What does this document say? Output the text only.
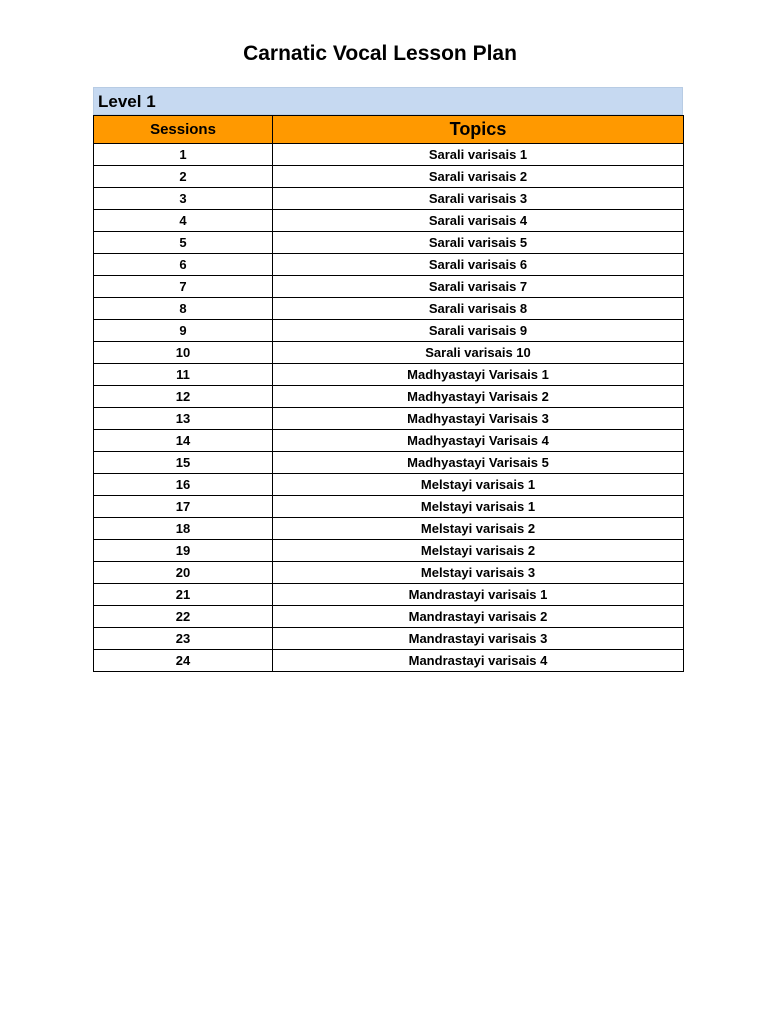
Carnatic Vocal Lesson Plan
Level 1
Sessions	Topics
1	Sarali varisais 1
2	Sarali varisais 2
3	Sarali varisais 3
4	Sarali varisais 4
5	Sarali varisais 5
6	Sarali varisais 6
7	Sarali varisais 7
8	Sarali varisais 8
9	Sarali varisais 9
10	Sarali varisais 10
11	Madhyastayi Varisais 1
12	Madhyastayi Varisais 2
13	Madhyastayi Varisais 3
14	Madhyastayi Varisais 4
15	Madhyastayi Varisais 5
16	Melstayi varisais 1
17	Melstayi varisais 1
18	Melstayi varisais 2
19	Melstayi varisais 2
20	Melstayi varisais 3
21	Mandrastayi varisais 1
22	Mandrastayi varisais 2
23	Mandrastayi varisais 3
24	Mandrastayi varisais 4
